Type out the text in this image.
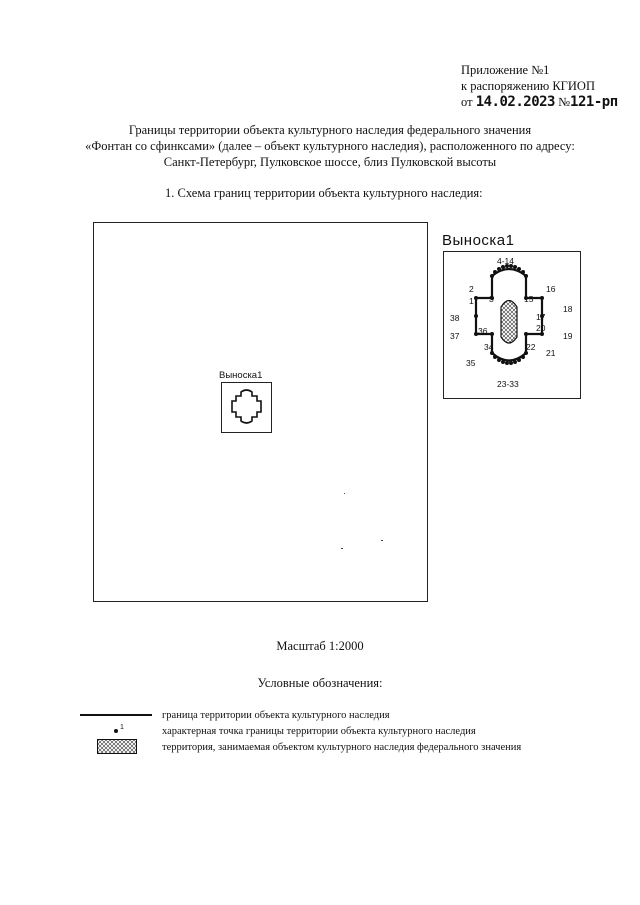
Приложение №1
к распоряжению КГИОП
от 14.02.2023 №121-рп
Границы территории объекта культурного наследия федерального значения
«Фонтан со сфинксами» (далее – объект культурного наследия), расположенного по адресу:
Санкт-Петербург, Пулковское шоссе, близ Пулковской высоты
1. Схема границ территории объекта культурного наследия:
Выноска1
Выноска1
4-14
2	16
1 3	15
18
38	17
36	20
19
37
34	22
21
35
23-33
Масштаб 1:2000
Условные обозначения:
граница территории объекта культурного наследия
1	характерная точка границы территории объекта культурного наследия
территория, занимаемая объектом культурного наследия федерального значения
